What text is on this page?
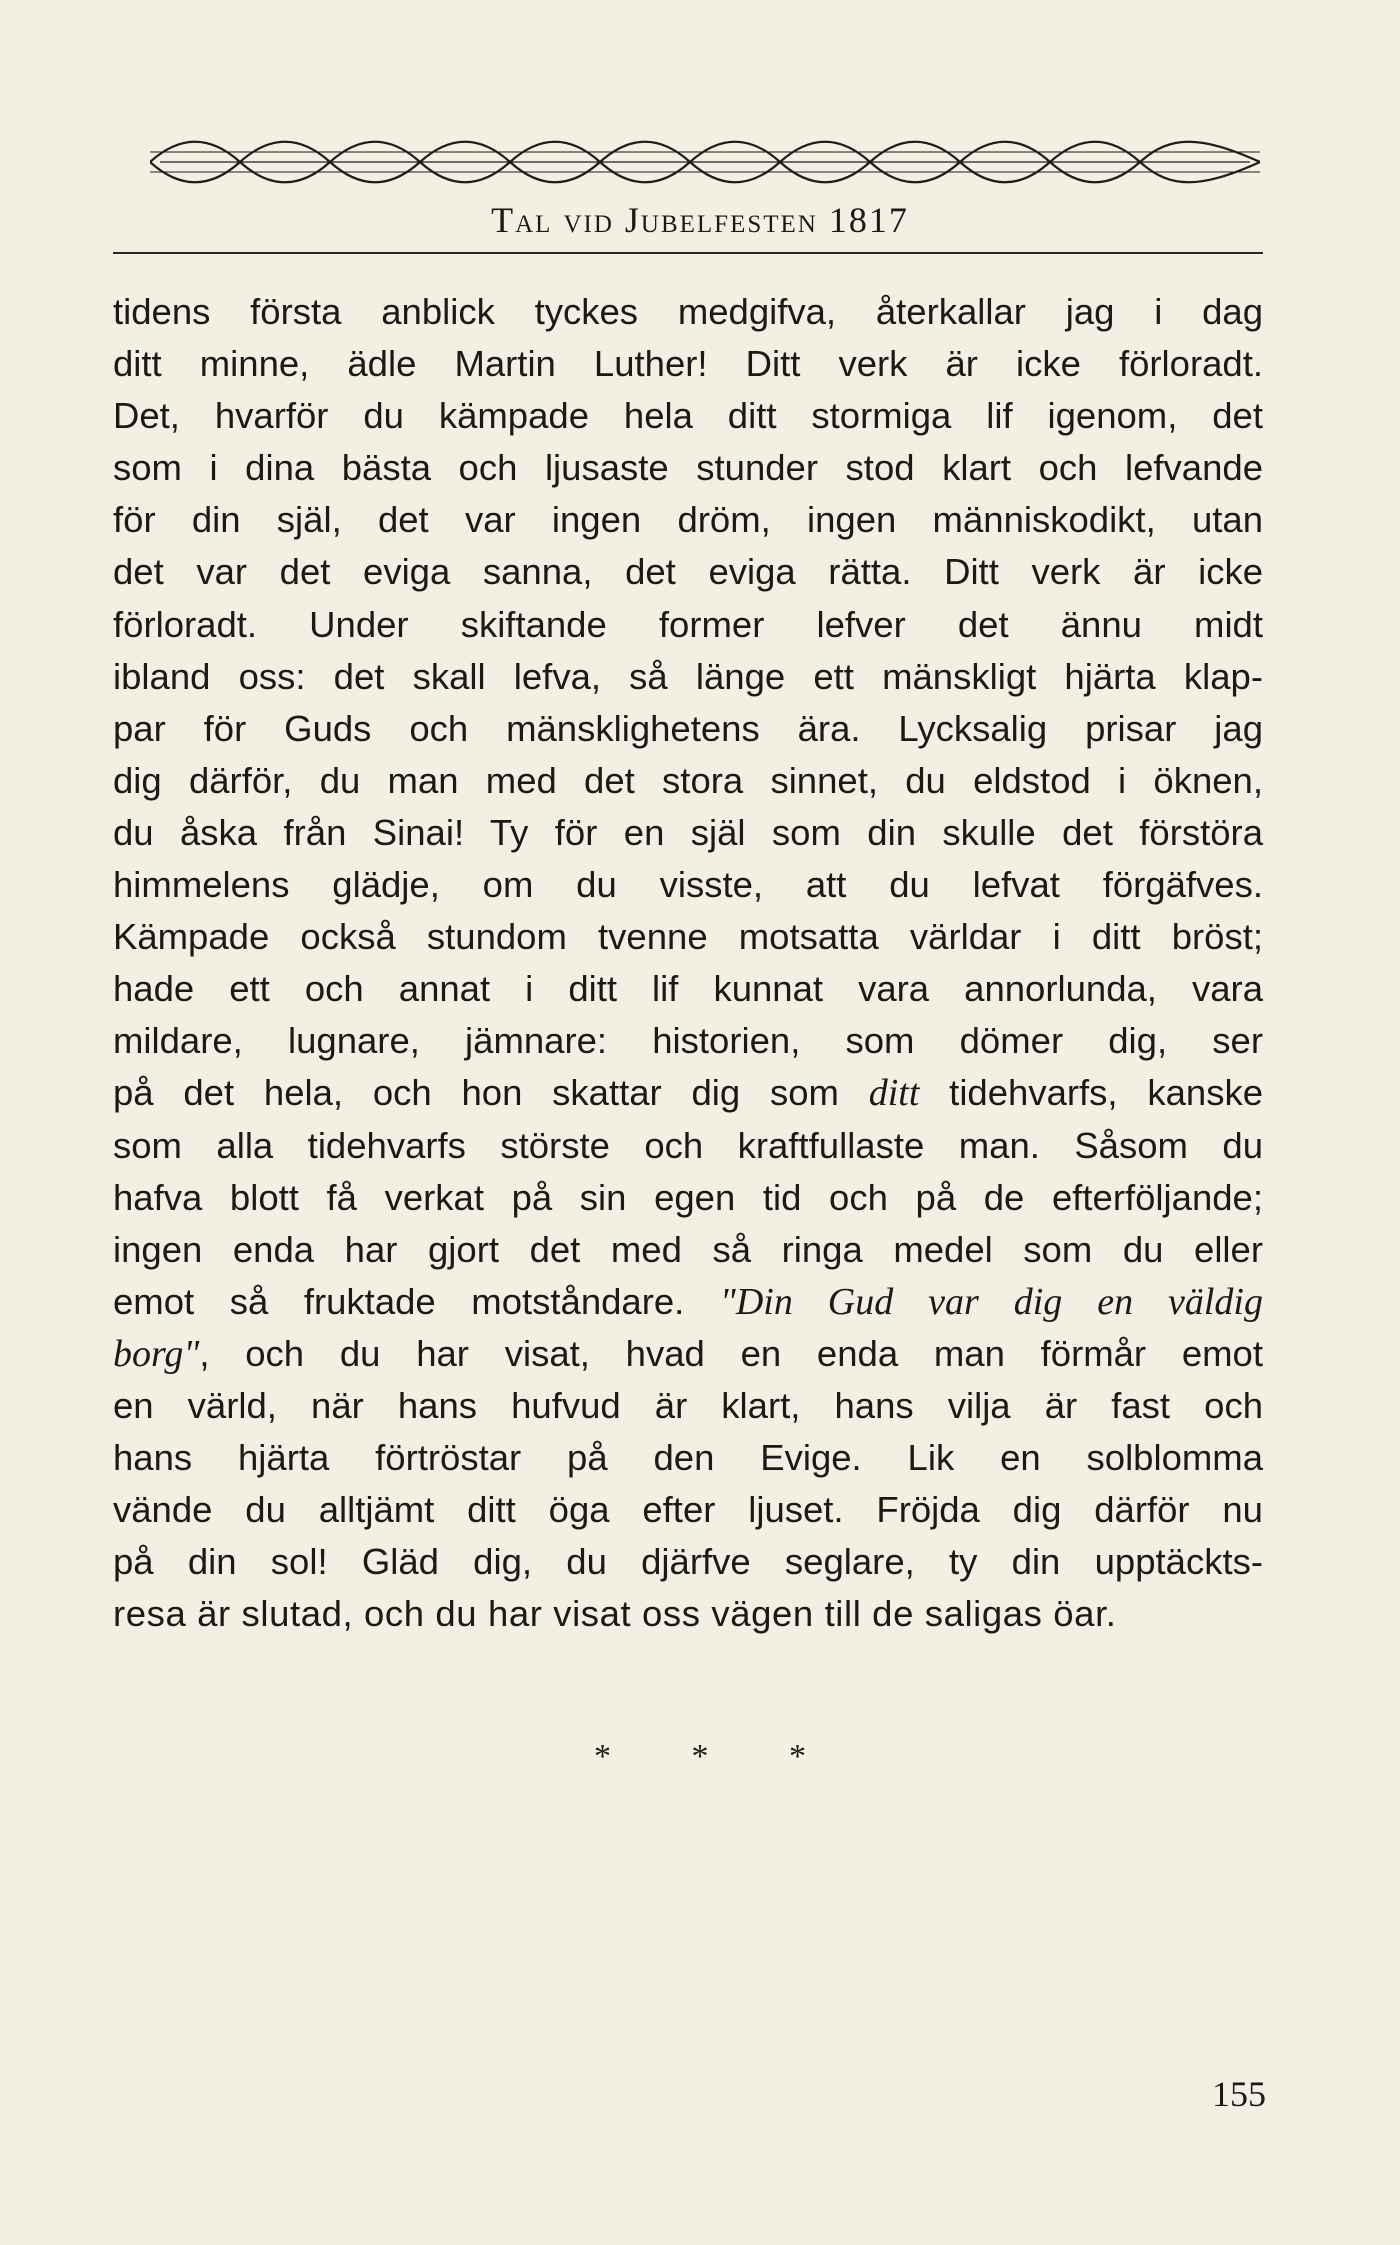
Tal vid Jubelfesten 1817
tidens första anblick tyckes medgifva, återkallar jag i dag
ditt minne, ädle Martin Luther! Ditt verk är icke förloradt.
Det, hvarför du kämpade hela ditt stormiga lif igenom, det
som i dina bästa och ljusaste stunder stod klart och lefvande
för din själ, det var ingen dröm, ingen människodikt, utan
det var det eviga sanna, det eviga rätta. Ditt verk är icke
förloradt. Under skiftande former lefver det ännu midt
ibland oss: det skall lefva, så länge ett mänskligt hjärta klap-
par för Guds och mänsklighetens ära. Lycksalig prisar jag
dig därför, du man med det stora sinnet, du eldstod i öknen,
du åska från Sinai! Ty för en själ som din skulle det förstöra
himmelens glädje, om du visste, att du lefvat förgäfves.
Kämpade också stundom tvenne motsatta världar i ditt bröst;
hade ett och annat i ditt lif kunnat vara annorlunda, vara
mildare, lugnare, jämnare: historien, som dömer dig, ser
på det hela, och hon skattar dig som ditt tidehvarfs, kanske
som alla tidehvarfs störste och kraftfullaste man. Såsom du
hafva blott få verkat på sin egen tid och på de efterföljande;
ingen enda har gjort det med så ringa medel som du eller
emot så fruktade motståndare. "Din Gud var dig en väldig
borg", och du har visat, hvad en enda man förmår emot
en värld, när hans hufvud är klart, hans vilja är fast och
hans hjärta förtröstar på den Evige. Lik en solblomma
vände du alltjämt ditt öga efter ljuset. Fröjda dig därför nu
på din sol! Gläd dig, du djärfve seglare, ty din upptäckts-
resa är slutad, och du har visat oss vägen till de saligas öar.
* * *
155
